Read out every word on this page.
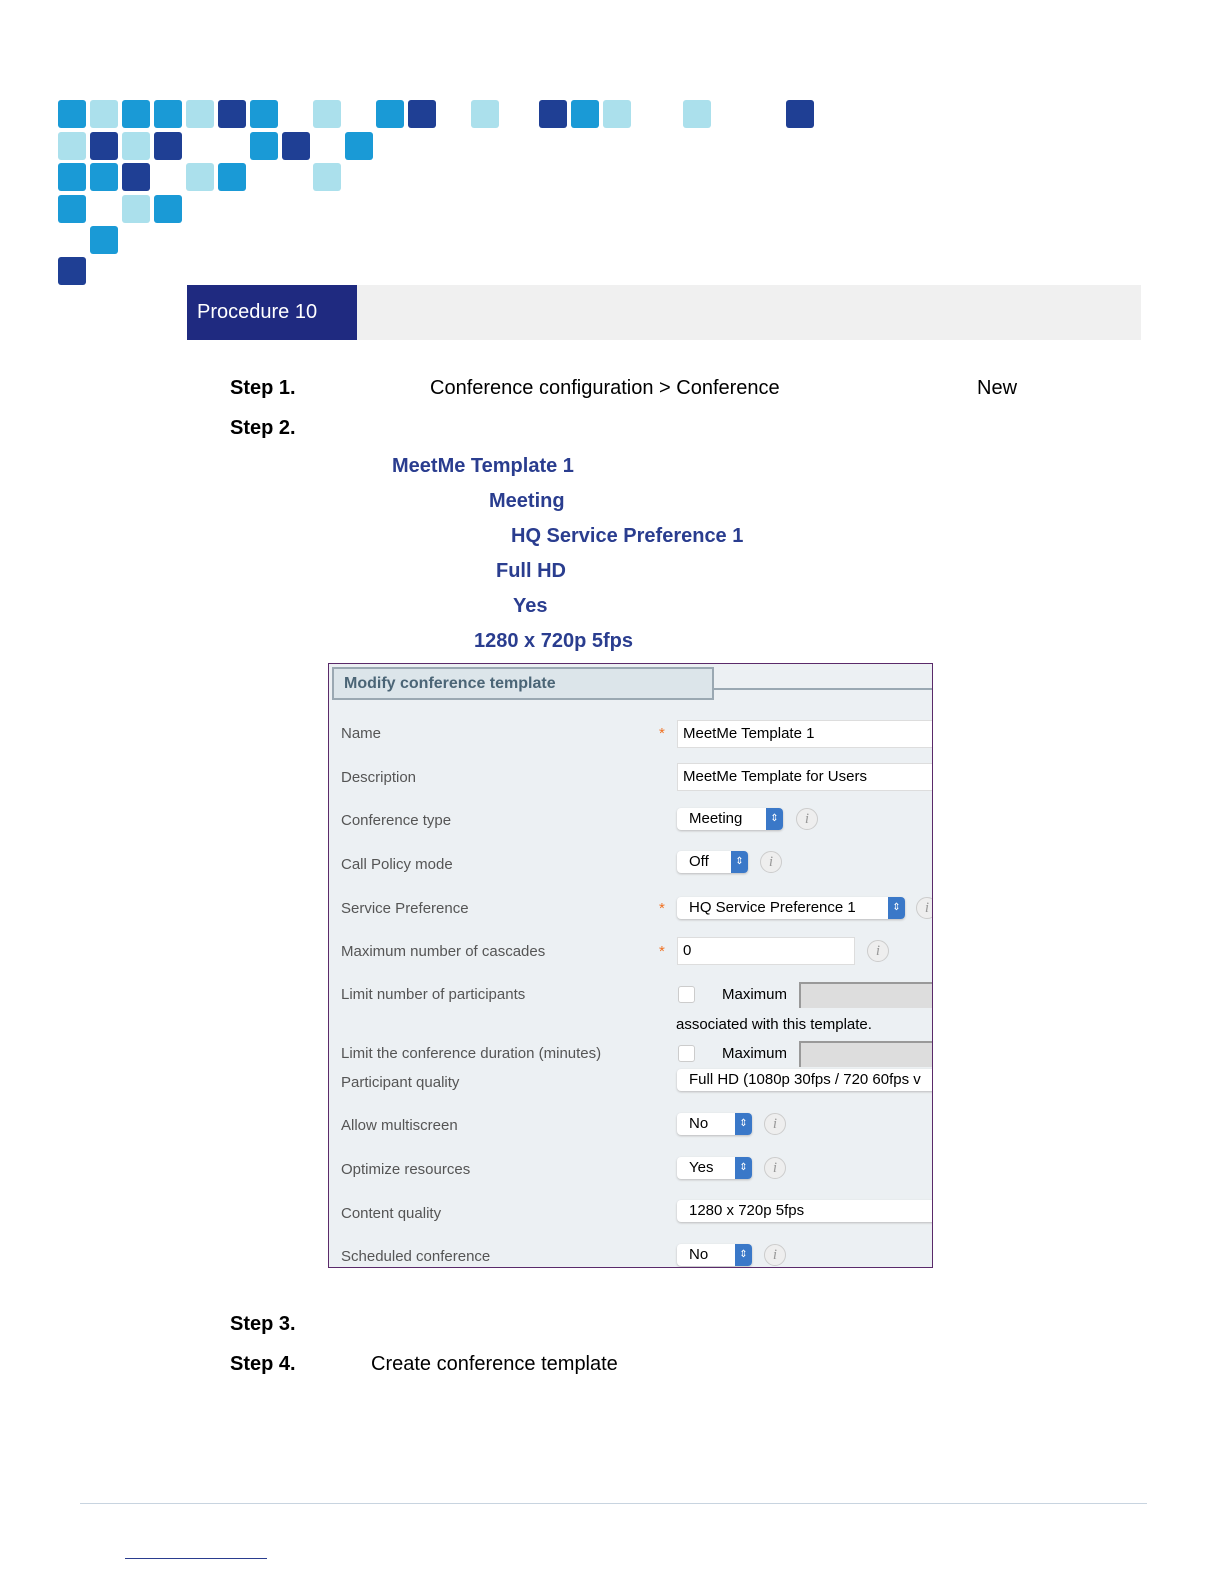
Procedure 10
Step 1.	Conference configuration > Conference	New
Step 2.
MeetMe Template 1
Meeting
HQ Service Preference 1
Full HD
Yes
1280 x 720p 5fps
Modify conference template
Name	*	MeetMe Template 1
Description	MeetMe Template for Users
Conference type	Meeting	⇕	i
Call Policy mode	Off	⇕	i
Service Preference	*	HQ Service Preference 1	⇕	i
Maximum number of cascades	*	0	i
Limit number of participants	Maximum
associated with this template.
Limit the conference duration (minutes)	Maximum
Participant quality	Full HD (1080p 30fps / 720 60fps v
Allow multiscreen	No	⇕	i
Optimize resources	Yes	⇕	i
Content quality	1280 x 720p 5fps
Scheduled conference	No	⇕	i
Step 3.
Step 4.	Create conference template
